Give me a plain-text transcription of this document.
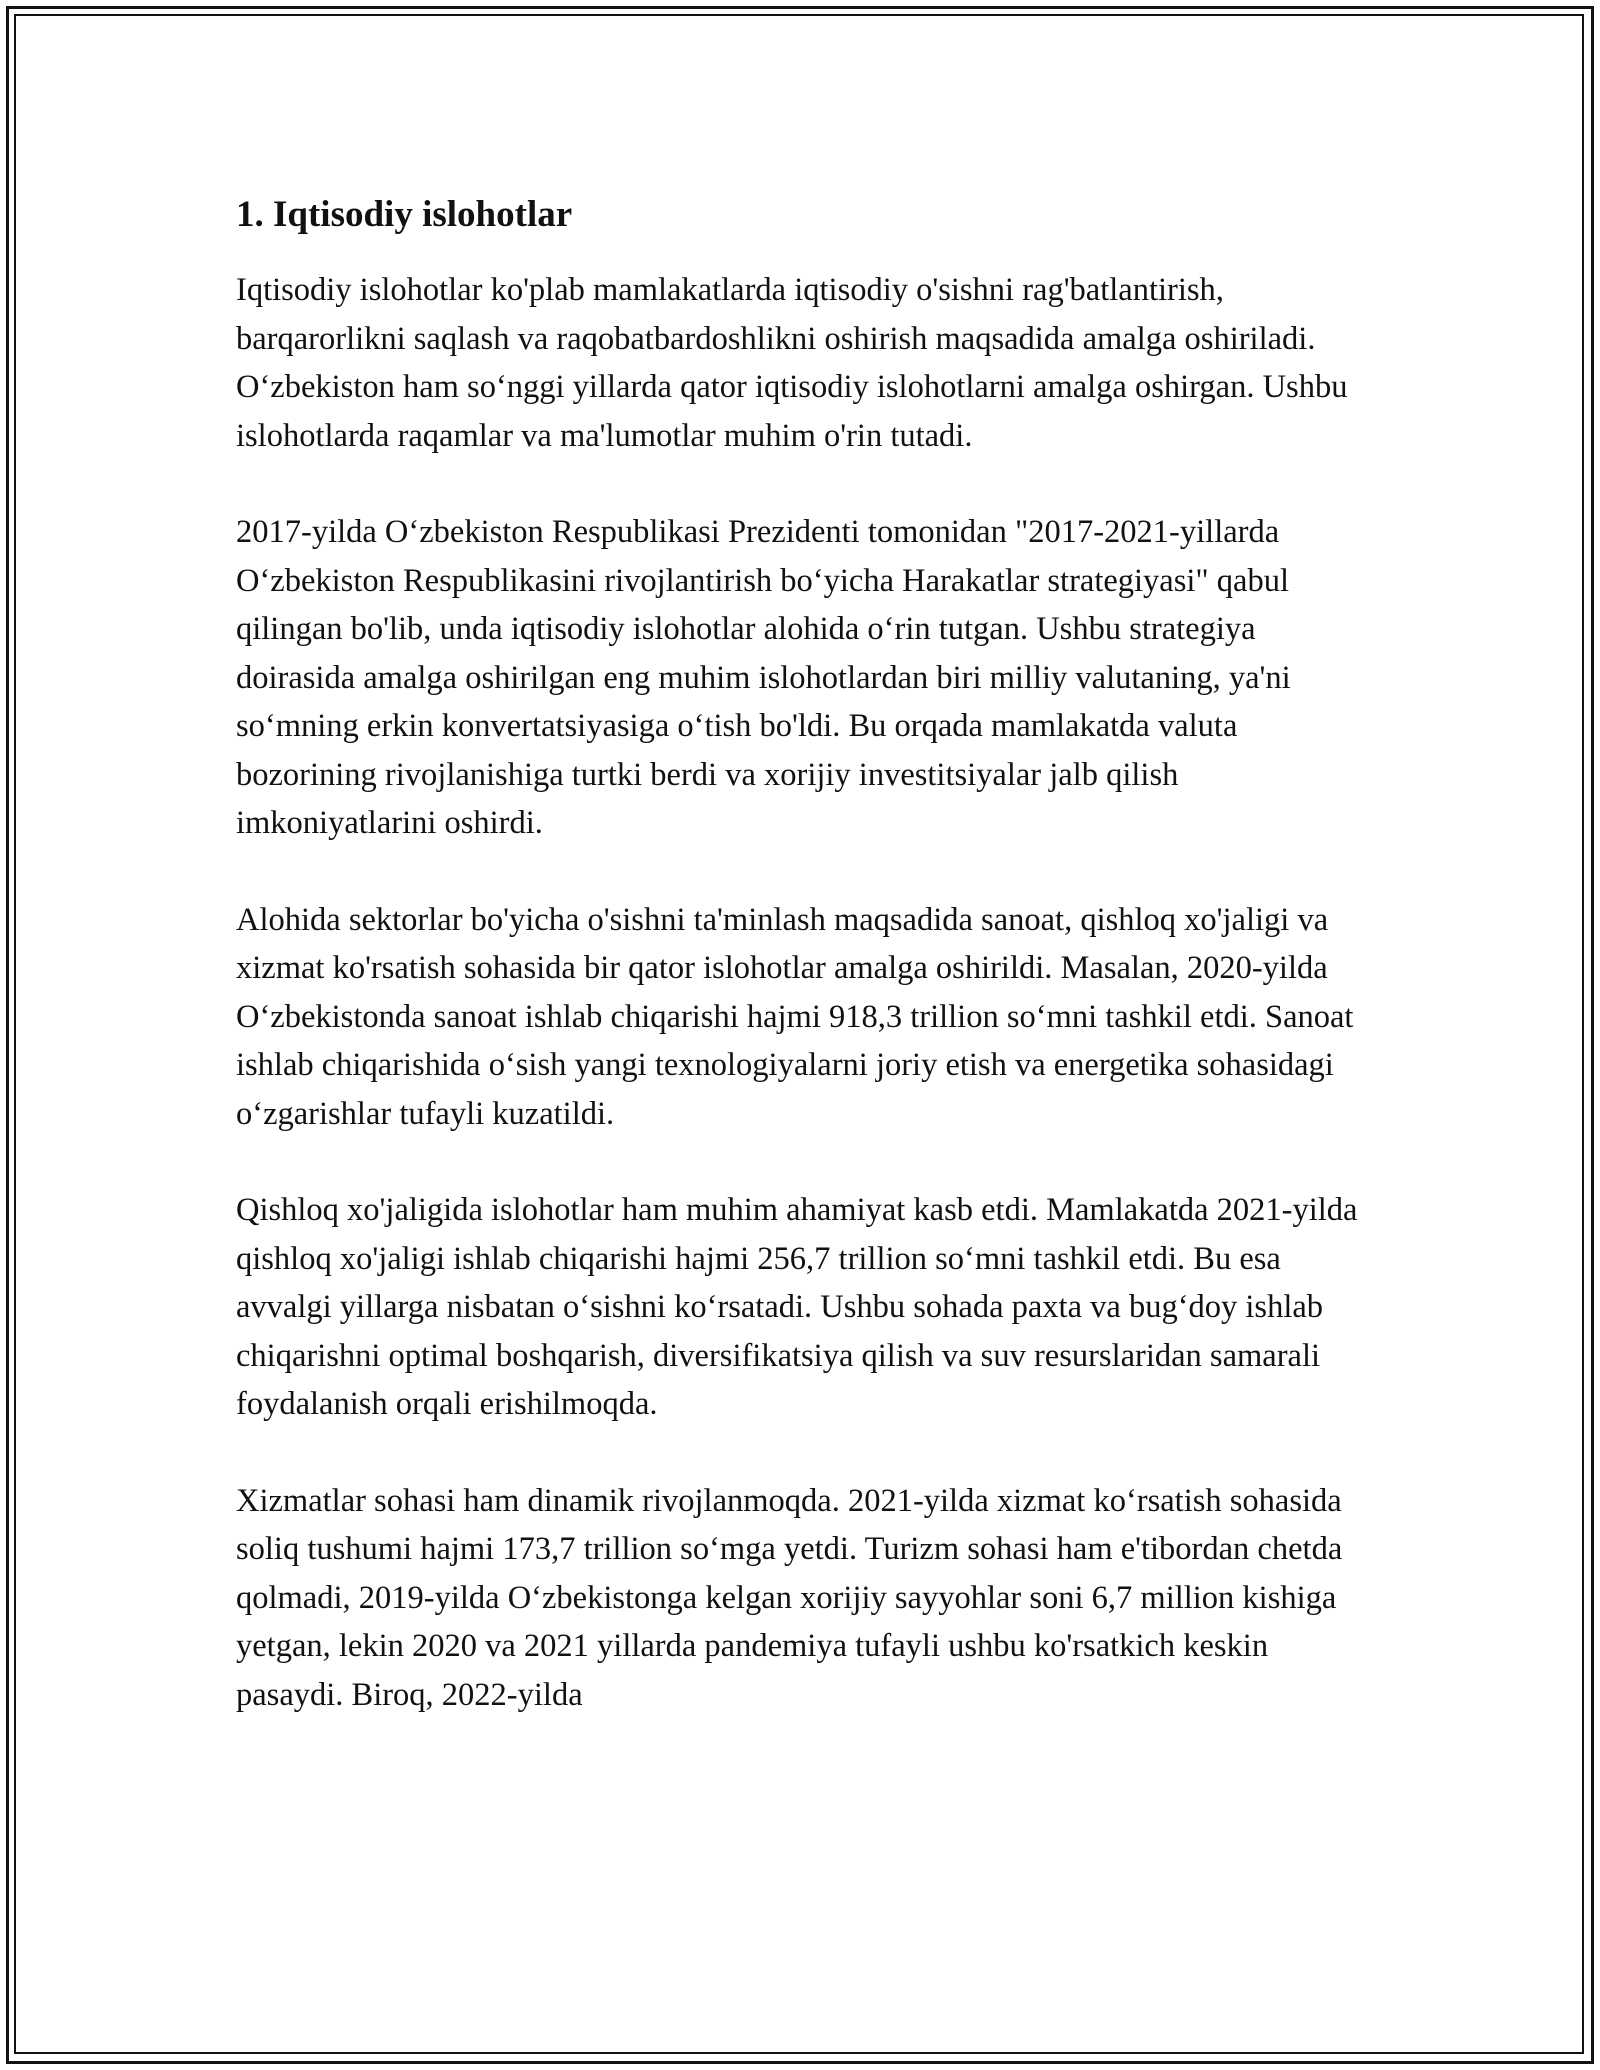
1. Iqtisodiy islohotlar

Iqtisodiy islohotlar ko'plab mamlakatlarda iqtisodiy o'sishni rag'batlantirish, barqarorlikni saqlash va raqobatbardoshlikni oshirish maqsadida amalga oshiriladi. O‘zbekiston ham so‘nggi yillarda qator iqtisodiy islohotlarni amalga oshirgan. Ushbu islohotlarda raqamlar va ma'lumotlar muhim o'rin tutadi.

2017-yilda O‘zbekiston Respublikasi Prezidenti tomonidan "2017-2021-yillarda O‘zbekiston Respublikasini rivojlantirish bo‘yicha Harakatlar strategiyasi" qabul qilingan bo'lib, unda iqtisodiy islohotlar alohida o‘rin tutgan. Ushbu strategiya doirasida amalga oshirilgan eng muhim islohotlardan biri milliy valutaning, ya'ni so‘mning erkin konvertatsiyasiga o‘tish bo'ldi. Bu orqada mamlakatda valuta bozorining rivojlanishiga turtki berdi va xorijiy investitsiyalar jalb qilish imkoniyatlarini oshirdi.

Alohida sektorlar bo'yicha o'sishni ta'minlash maqsadida sanoat, qishloq xo'jaligi va xizmat ko'rsatish sohasida bir qator islohotlar amalga oshirildi. Masalan, 2020-yilda O‘zbekistonda sanoat ishlab chiqarishi hajmi 918,3 trillion so‘mni tashkil etdi. Sanoat ishlab chiqarishida o‘sish yangi texnologiyalarni joriy etish va energetika sohasidagi o‘zgarishlar tufayli kuzatildi.

Qishloq xo'jaligida islohotlar ham muhim ahamiyat kasb etdi. Mamlakatda 2021-yilda qishloq xo'jaligi ishlab chiqarishi hajmi 256,7 trillion so‘mni tashkil etdi. Bu esa avvalgi yillarga nisbatan o‘sishni ko‘rsatadi. Ushbu sohada paxta va bug‘doy ishlab chiqarishni optimal boshqarish, diversifikatsiya qilish va suv resurslaridan samarali foydalanish orqali erishilmoqda.

Xizmatlar sohasi ham dinamik rivojlanmoqda. 2021-yilda xizmat ko‘rsatish sohasida soliq tushumi hajmi 173,7 trillion so‘mga yetdi. Turizm sohasi ham e'tibordan chetda qolmadi, 2019-yilda O‘zbekistonga kelgan xorijiy sayyohlar soni 6,7 million kishiga yetgan, lekin 2020 va 2021 yillarda pandemiya tufayli ushbu ko'rsatkich keskin pasaydi. Biroq, 2022-yilda
